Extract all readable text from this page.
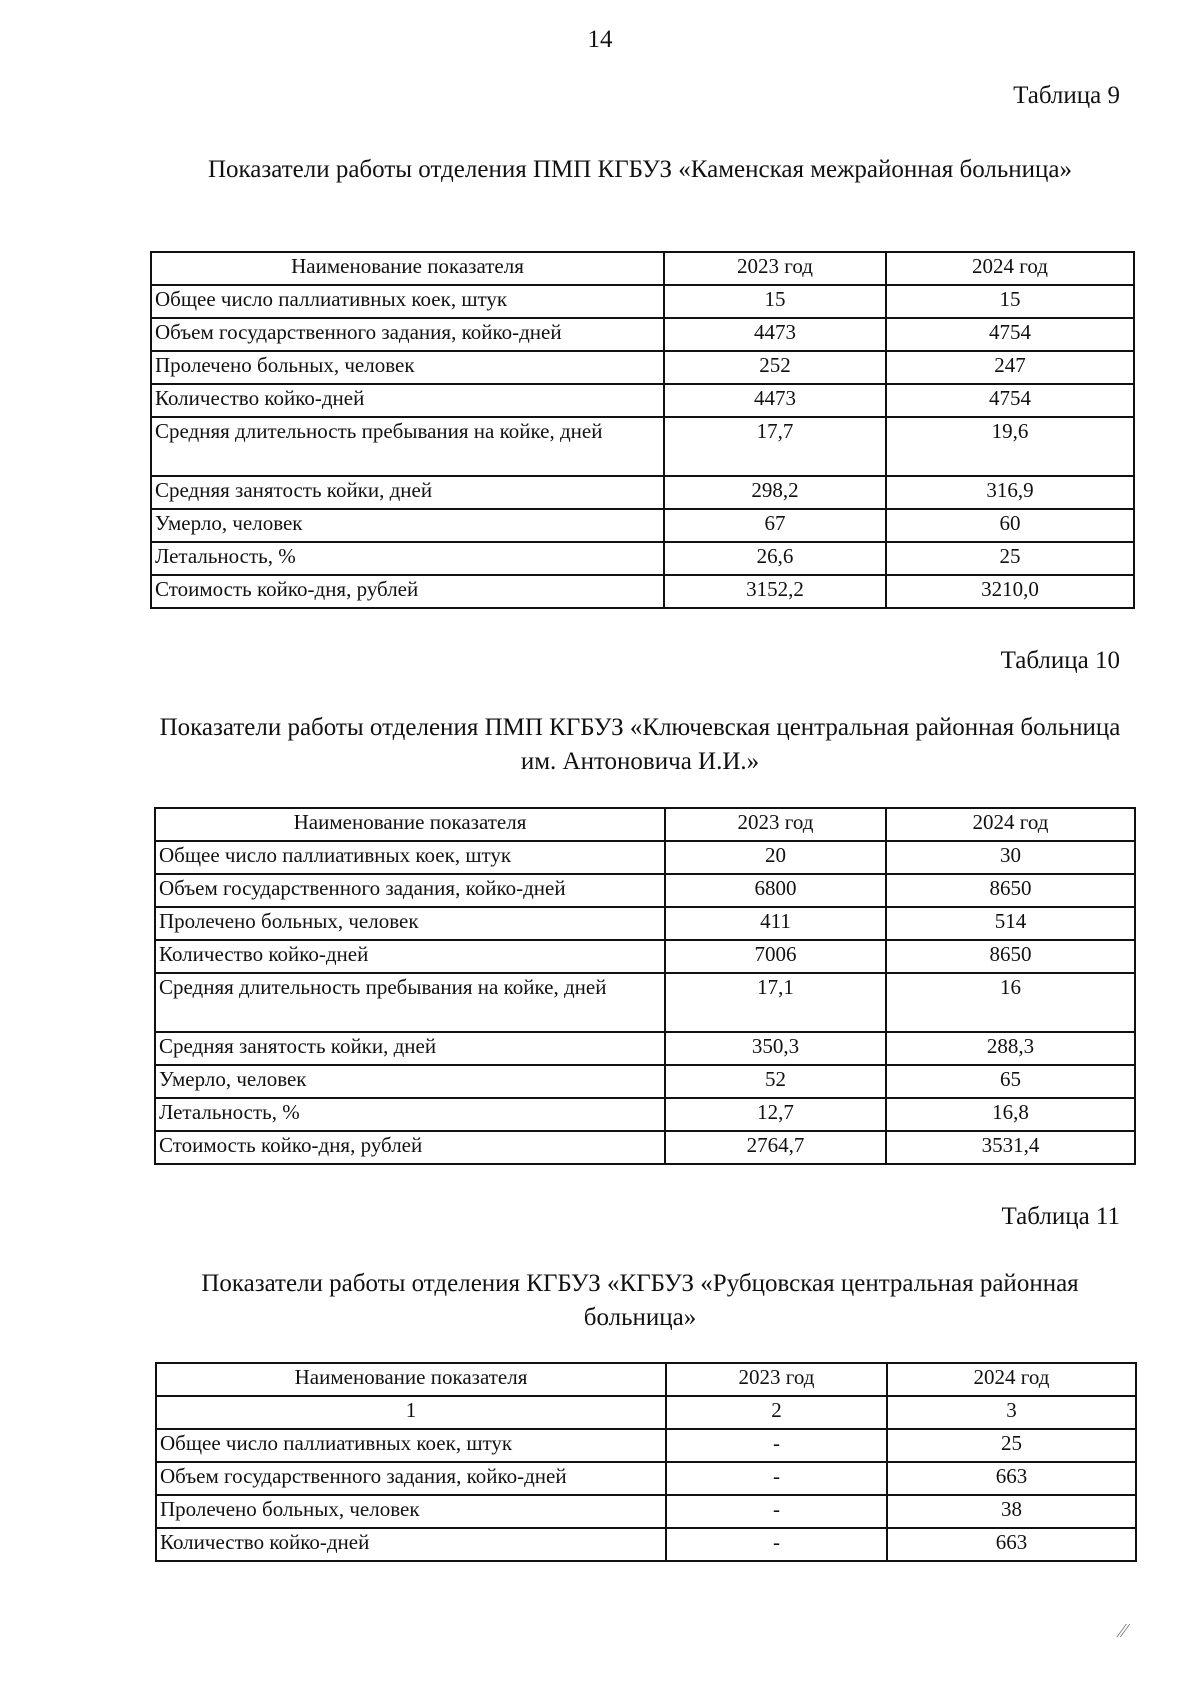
14
Таблица 9
Показатели работы отделения ПМП КГБУЗ «Каменская межрайонная больница»
Наименование показателя	2023 год	2024 год
Общее число паллиативных коек, штук	15	15
Объем государственного задания, койко-дней	4473	4754
Пролечено больных, человек	252	247
Количество койко-дней	4473	4754
Средняя длительность пребывания на койке, дней	17,7	19,6
Средняя занятость койки, дней	298,2	316,9
Умерло, человек	67	60
Летальность, %	26,6	25
Стоимость койко-дня, рублей	3152,2	3210,0
Таблица 10
Показатели работы отделения ПМП КГБУЗ «Ключевская центральная районная больница им. Антоновича И.И.»
Наименование показателя	2023 год	2024 год
Общее число паллиативных коек, штук	20	30
Объем государственного задания, койко-дней	6800	8650
Пролечено больных, человек	411	514
Количество койко-дней	7006	8650
Средняя длительность пребывания на койке, дней	17,1	16
Средняя занятость койки, дней	350,3	288,3
Умерло, человек	52	65
Летальность, %	12,7	16,8
Стоимость койко-дня, рублей	2764,7	3531,4
Таблица 11
Показатели работы отделения КГБУЗ «КГБУЗ «Рубцовская центральная районная больница»
Наименование показателя	2023 год	2024 год
1	2	3
Общее число паллиативных коек, штук	-	25
Объем государственного задания, койко-дней	-	663
Пролечено больных, человек	-	38
Количество койко-дней	-	663
⁄⁄
